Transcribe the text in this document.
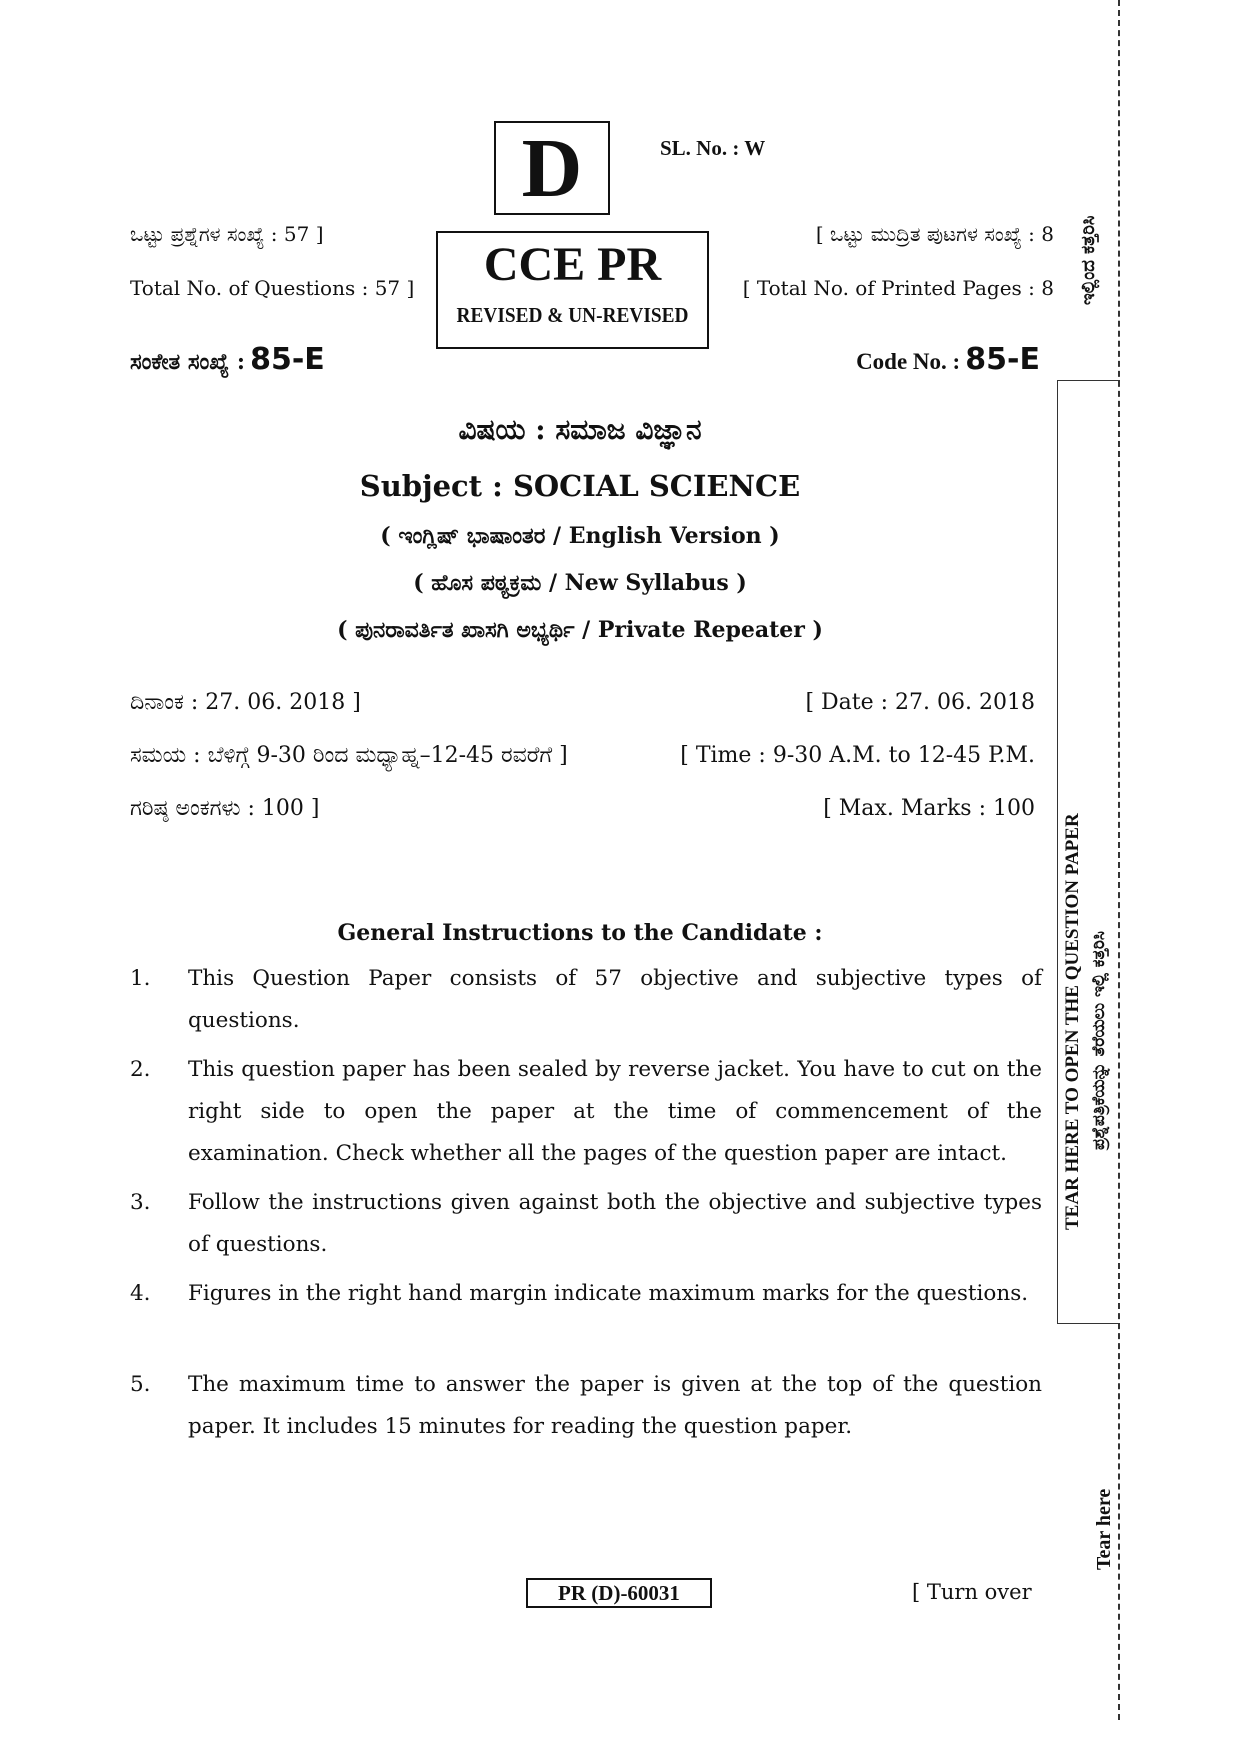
D	SL. No. : W
CCE PR
REVISED & UN-REVISED
ಒಟ್ಟು ಪ್ರಶ್ನೆಗಳ ಸಂಖ್ಯೆ : 57 ]
Total No. of Questions : 57 ]
[ ಒಟ್ಟು ಮುದ್ರಿತ ಪುಟಗಳ ಸಂಖ್ಯೆ : 8
[ Total No. of Printed Pages : 8
ಸಂಕೇತ ಸಂಖ್ಯೆ : 85-E	Code No. : 85-E
ವಿಷಯ : ಸಮಾಜ ವಿಜ್ಞಾನ
Subject : SOCIAL SCIENCE
( ಇಂಗ್ಲಿಷ್ ಭಾಷಾಂತರ / English Version )
( ಹೊಸ ಪಠ್ಯಕ್ರಮ / New Syllabus )
( ಪುನರಾವರ್ತಿತ ಖಾಸಗಿ ಅಭ್ಯರ್ಥಿ / Private Repeater )
ದಿನಾಂಕ : 27. 06. 2018 ]	[ Date : 27. 06. 2018
ಸಮಯ : ಬೆಳಿಗ್ಗೆ 9-30 ರಿಂದ ಮಧ್ಯಾಹ್ನ–12-45 ರವರೆಗೆ ]	[ Time : 9-30 A.M. to 12-45 P.M.
ಗರಿಷ್ಠ ಅಂಕಗಳು : 100 ]	[ Max. Marks : 100
General Instructions to the Candidate :
1. This Question Paper consists of 57 objective and subjective types of questions.
2. This question paper has been sealed by reverse jacket. You have to cut on the right side to open the paper at the time of commencement of the examination. Check whether all the pages of the question paper are intact.
3. Follow the instructions given against both the objective and subjective types of questions.
4. Figures in the right hand margin indicate maximum marks for the questions.
5. The maximum time to answer the paper is given at the top of the question paper. It includes 15 minutes for reading the question paper.
PR (D)-60031	[ Turn over
ಇಲ್ಲಿಂದ ಕತ್ತರಿಸಿ
TEAR HERE TO OPEN THE QUESTION PAPER ಪ್ರಶ್ನೆಪತ್ರಿಕೆಯನ್ನು ತೆರೆಯಲು ಇಲ್ಲಿ ಕತ್ತರಿಸಿ
Tear here
